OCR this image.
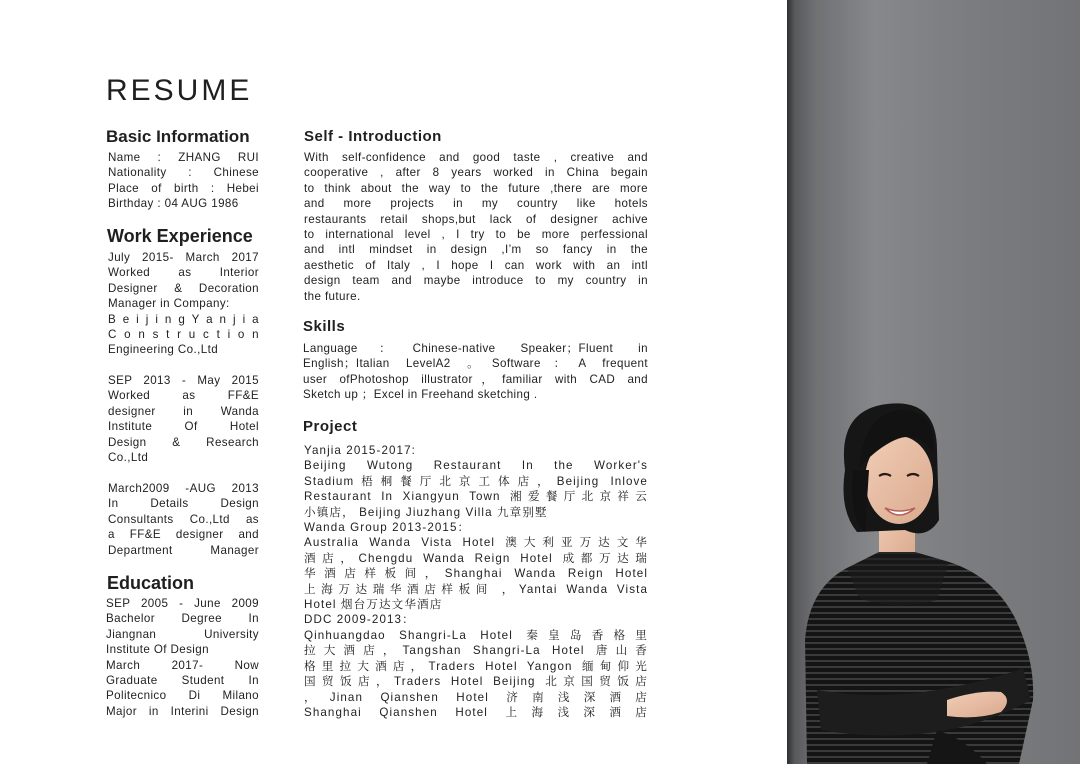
RESUME
Basic Information
Name : ZHANG RUI
Nationality : Chinese
Place of birth : Hebei
Birthday : 04 AUG 1986
Work Experience
July 2015- March 2017
Worked as Interior
Designer & Decoration
Manager in Company:
B e i j i n g Y a n j i a
C o n s t r u c t i o n
Engineering Co.,Ltd
SEP 2013 - May 2015
Worked as FF&E
designer in Wanda
Institute Of Hotel
Design & Research
Co.,Ltd
March2009 -AUG 2013
In Details Design
Consultants Co.,Ltd as
a FF&E designer and
Department Manager
Education
SEP 2005 - June 2009
Bachelor Degree In
Jiangnan University
Institute Of Design
March 2017- Now
Graduate Student In
Politecnico Di Milano
Major in Interini Design
Self - Introduction
With self-confidence and good taste , creative and
cooperative , after 8 years worked in China begain
to think about the way to the future ,there are more
and more projects in my country like hotels
restaurants retail shops,but lack of designer achive
to international level , I try to be more perfessional
and intl mindset in design ,I’m so fancy in the
aesthetic of Italy , I hope I can work with an intl
design team and maybe introduce to my country in
the future.
Skills
Language：Chinese-native Speaker；Fluent in
English；Italian LevelA2 。Software：A frequent
user ofPhotoshop illustrator，familiar with CAD and
Sketch up ；Excel in Freehand sketching .
Project
Yanjia 2015-2017:
Beijing Wutong Restaurant In the Worker's
Stadium梧桐餐厅北京工体店，Beijing Inlove
Restaurant In Xiangyun Town 湘爱餐厅北京祥云
小镇店， Beijing Jiuzhang Villa 九章别墅
Wanda Group 2013-2015：
Australia Wanda Vista Hotel 澳大利亚万达文华
酒店，Chengdu Wanda Reign Hotel 成都万达瑞
华酒店样板间，Shanghai Wanda Reign Hotel
上海万达瑞华酒店样板间 ，Yantai Wanda Vista
Hotel 烟台万达文华酒店
DDC 2009-2013：
Qinhuangdao Shangri-La Hotel 秦皇岛香格里
拉大酒店，Tangshan Shangri-La Hotel 唐山香
格里拉大酒店，Traders Hotel Yangon 缅甸仰光
国贸饭店，Traders Hotel Beijing 北京国贸饭店
，Jinan Qianshen Hotel 济南浅深酒店
Shanghai Qianshen Hotel 上海浅深酒店
